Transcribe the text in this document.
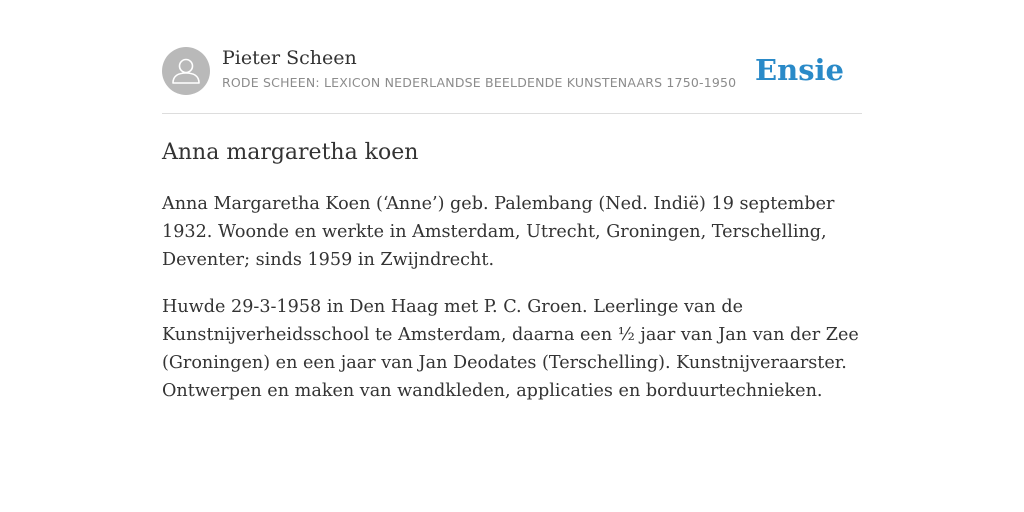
Pieter Scheen
RODE SCHEEN: LEXICON NEDERLANDSE BEELDENDE KUNSTENAARS 1750-1950 Ensie
Anna margaretha koen

Anna Margaretha Koen (‘Anne’) geb. Palembang (Ned. Indië) 19 september 1932. Woonde en werkte in Amsterdam, Utrecht, Groningen, Terschelling, Deventer; sinds 1959 in Zwijndrecht.

Huwde 29-3-1958 in Den Haag met P. C. Groen. Leerlinge van de Kunstnijverheidsschool te Amsterdam, daarna een ½ jaar van Jan van der Zee (Groningen) en een jaar van Jan Deodates (Terschelling). Kunstnijveraarster. Ontwerpen en maken van wandkleden, applicaties en borduurtechnieken.
